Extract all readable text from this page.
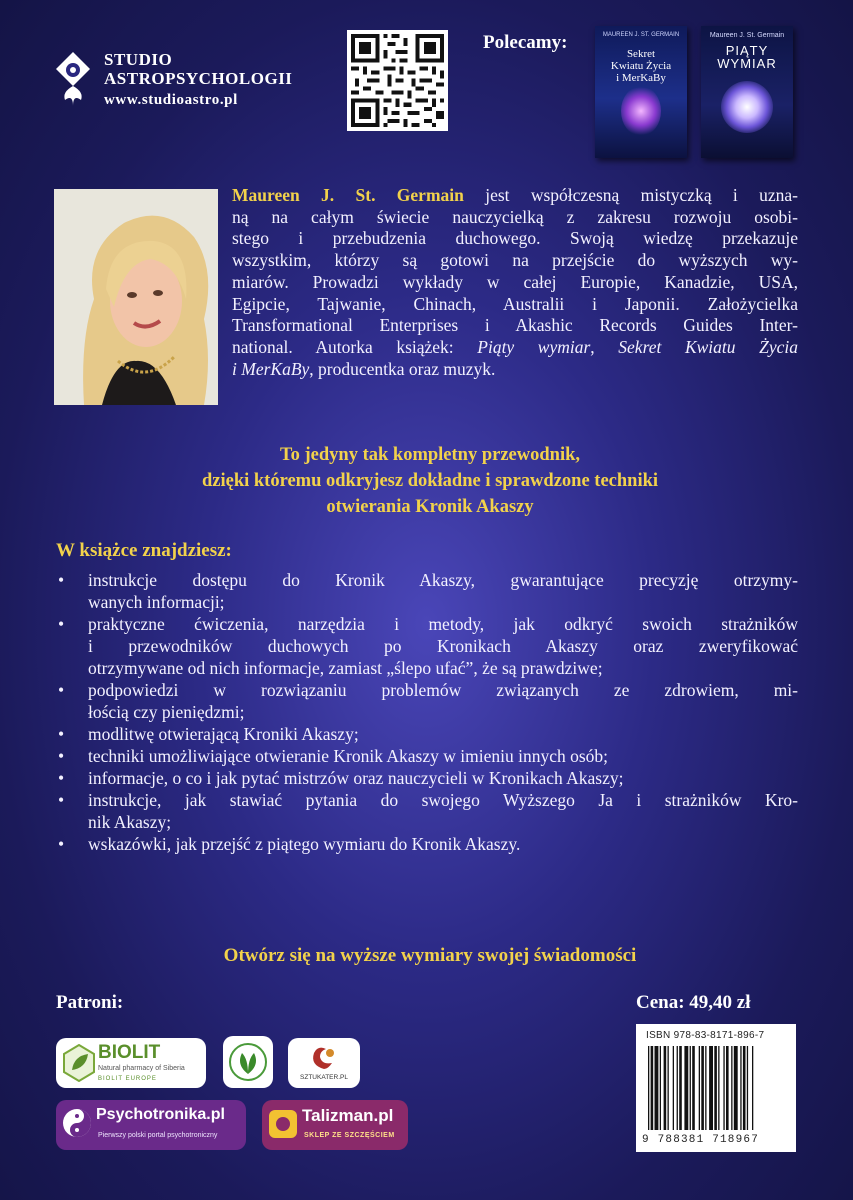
STUDIO
ASTROPSYCHOLOGII
www.studioastro.pl
Polecamy:	MAUREEN J. ST. GERMAIN
Sekret
Kwiatu Życia
i MerKaBy
Maureen J. St. Germain
PIĄTY
WYMIAR
Maureen J. St. Germain jest współczesną mistyczką i uzna-
ną na całym świecie nauczycielką z zakresu rozwoju osobi-
stego i przebudzenia duchowego. Swoją wiedzę przekazuje
wszystkim, którzy są gotowi na przejście do wyższych wy-
miarów. Prowadzi wykłady w całej Europie, Kanadzie, USA,
Egipcie, Tajwanie, Chinach, Australii i Japonii. Założycielka
Transformational Enterprises i Akashic Records Guides Inter-
national. Autorka książek: Piąty wymiar, Sekret Kwiatu Życia
i MerKaBy, producentka oraz muzyk.
To jedyny tak kompletny przewodnik,
dzięki któremu odkryjesz dokładne i sprawdzone techniki
otwierania Kronik Akaszy
W książce znajdziesz:
• instrukcje dostępu do Kronik Akaszy, gwarantujące precyzję otrzymy-
wanych informacji;
• praktyczne ćwiczenia, narzędzia i metody, jak odkryć swoich strażników
i przewodników duchowych po Kronikach Akaszy oraz zweryfikować
otrzymywane od nich informacje, zamiast „ślepo ufać”, że są prawdziwe;
• podpowiedzi w rozwiązaniu problemów związanych ze zdrowiem, mi-
łością czy pieniędzmi;
• modlitwę otwierającą Kroniki Akaszy;
• techniki umożliwiające otwieranie Kronik Akaszy w imieniu innych osób;
• informacje, o co i jak pytać mistrzów oraz nauczycieli w Kronikach Akaszy;
• instrukcje, jak stawiać pytania do swojego Wyższego Ja i strażników Kro-
nik Akaszy;
• wskazówki, jak przejść z piątego wymiaru do Kronik Akaszy.
Otwórz się na wyższe wymiary swojej świadomości
Patroni:	Cena: 49,40 zł
ISBN 978-83-8171-896-7
9 788381 718967
BIOLIT
Natural pharmacy of Siberia
BIOLIT EUROPE	SZTUKATER.PL
Psychotronika.pl
Pierwszy polski portal psychotroniczny
Talizman.pl
SKLEP ZE SZCZĘŚCIEM
